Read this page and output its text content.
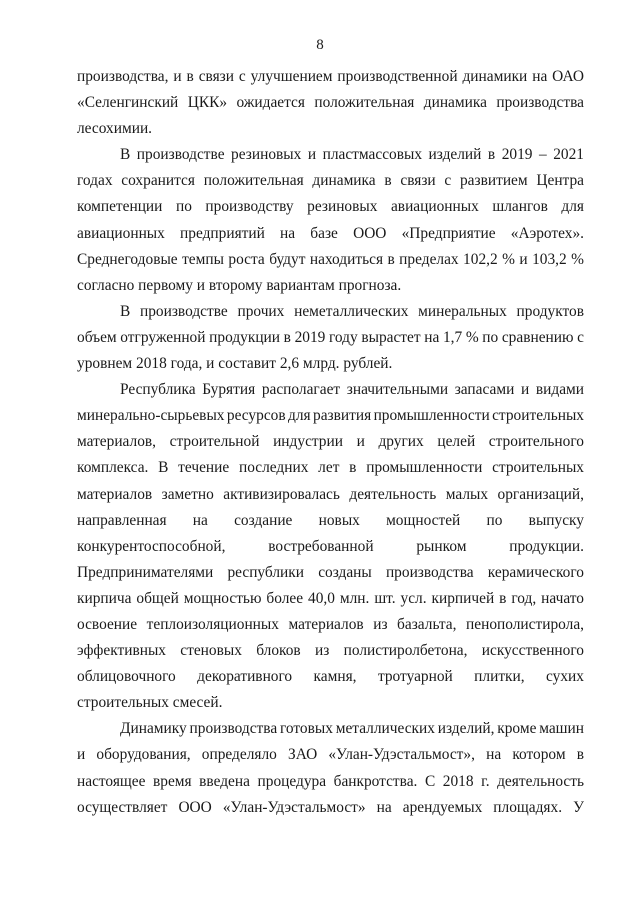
8
производства, и в связи с улучшением производственной динамики на ОАО
«Селенгинский ЦКК» ожидается положительная динамика производства
лесохимии.
В производстве резиновых и пластмассовых изделий в 2019 – 2021
годах сохранится положительная динамика в связи с развитием Центра
компетенции по производству резиновых авиационных шлангов для
авиационных предприятий на базе ООО «Предприятие «Аэротех».
Среднегодовые темпы роста будут находиться в пределах 102,2 % и 103,2 %
согласно первому и второму вариантам прогноза.
В производстве прочих неметаллических минеральных продуктов
объем отгруженной продукции в 2019 году вырастет на 1,7 % по сравнению с
уровнем 2018 года, и составит 2,6 млрд. рублей.
Республика Бурятия располагает значительными запасами и видами
минерально-сырьевых ресурсов для развития промышленности строительных
материалов, строительной индустрии и других целей строительного
комплекса. В течение последних лет в промышленности строительных
материалов заметно активизировалась деятельность малых организаций,
направленная на создание новых мощностей по выпуску
конкурентоспособной, востребованной рынком продукции.
Предпринимателями республики созданы производства керамического
кирпича общей мощностью более 40,0 млн. шт. усл. кирпичей в год, начато
освоение теплоизоляционных материалов из базальта, пенополистирола,
эффективных стеновых блоков из полистиролбетона, искусственного
облицовочного декоративного камня, тротуарной плитки, сухих
строительных смесей.
Динамику производства готовых металлических изделий, кроме машин
и оборудования, определяло ЗАО «Улан-Удэстальмост», на котором в
настоящее время введена процедура банкротства. С 2018 г. деятельность
осуществляет ООО «Улан-Удэстальмост» на арендуемых площадях. У
